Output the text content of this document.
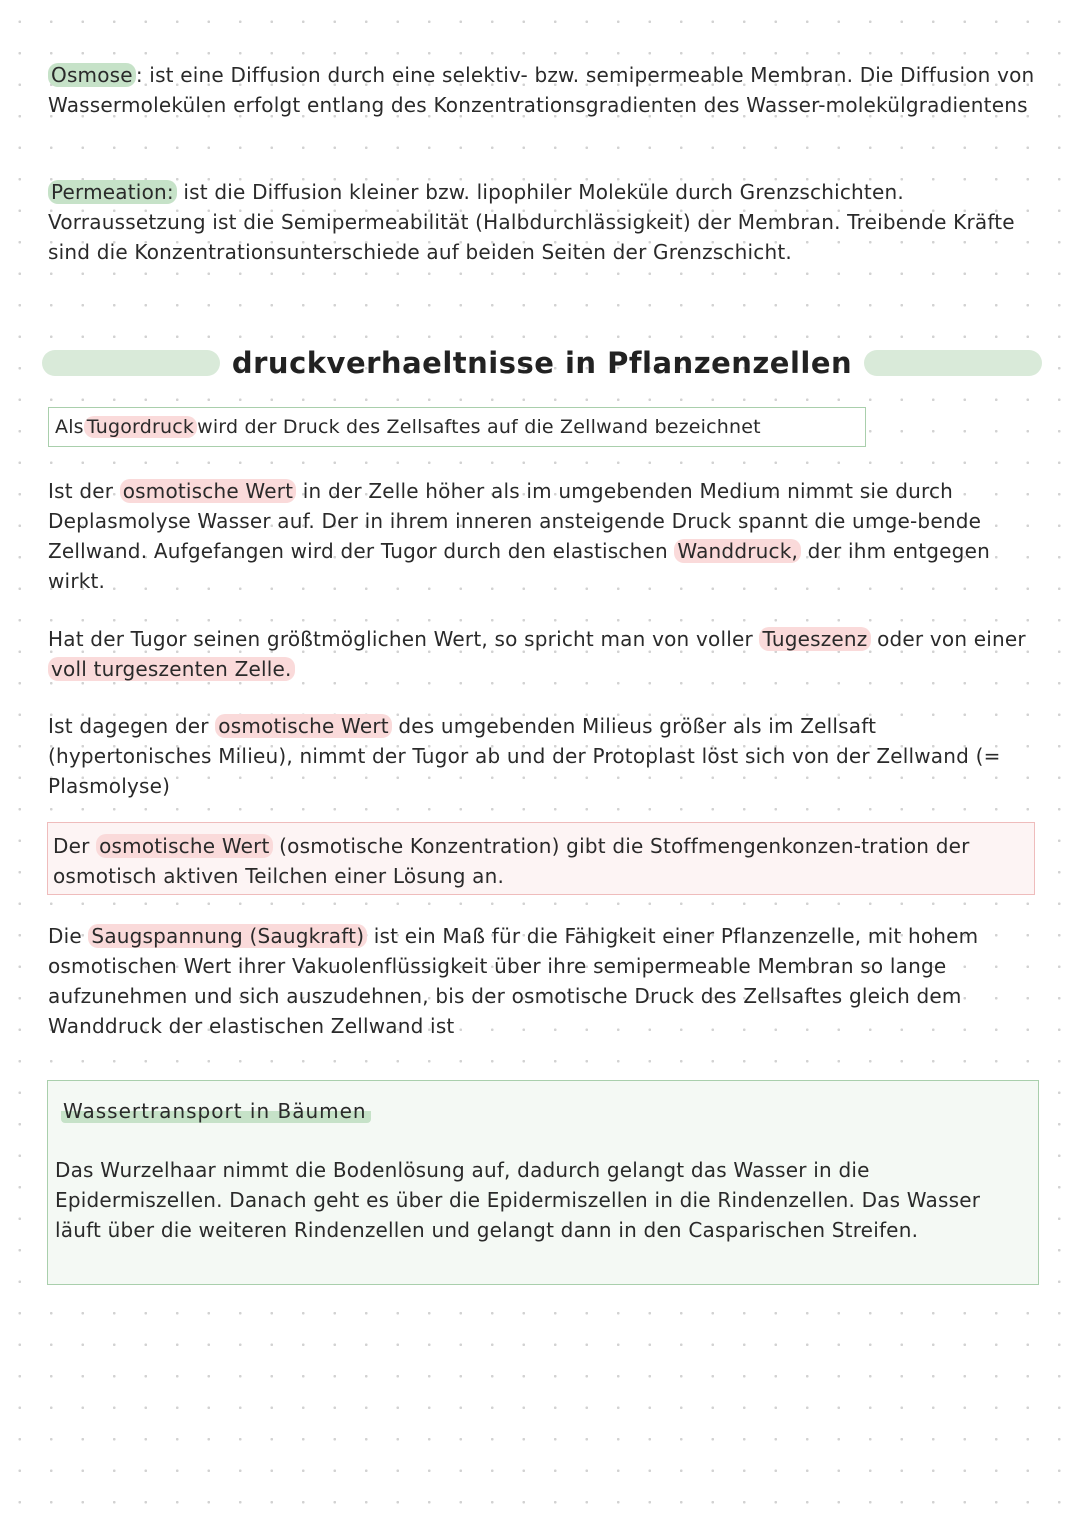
Osmose : ist eine Diffusion durch eine selektiv- bzw. semipermeable Membran. Die Diffusion von Wassermolekülen erfolgt entlang des Konzentrationsgradienten des Wasser-molekülgradientens

Permeation: ist die Diffusion kleiner bzw. lipophiler Moleküle durch Grenzschichten. Vorraussetzung ist die Semipermeabilität (Halbdurchlässigkeit) der Membran. Treibende Kräfte sind die Konzentrationsunterschiede auf beiden Seiten der Grenzschicht.

druckverhaeltnisse in Pflanzenzellen
Als Tugordruck wird der Druck des Zellsaftes auf die Zellwand bezeichnet

Ist der osmotische Wert in der Zelle höher als im umgebenden Medium nimmt sie durch Deplasmolyse Wasser auf. Der in ihrem inneren ansteigende Druck spannt die umge-bende Zellwand. Aufgefangen wird der Tugor durch den elastischen Wanddruck, der ihm entgegen wirkt.

Hat der Tugor seinen größtmöglichen Wert, so spricht man von voller Tugeszenz oder von einer voll turgeszenten Zelle.

Ist dagegen der osmotische Wert des umgebenden Milieus größer als im Zellsaft (hypertonisches Milieu), nimmt der Tugor ab und der Protoplast löst sich von der Zellwand (= Plasmolyse)

Der osmotische Wert (osmotische Konzentration) gibt die Stoffmengenkonzen-tration der osmotisch aktiven Teilchen einer Lösung an.

Die Saugspannung (Saugkraft) ist ein Maß für die Fähigkeit einer Pflanzenzelle, mit hohem osmotischen Wert ihrer Vakuolenflüssigkeit über ihre semipermeable Membran so lange aufzunehmen und sich auszudehnen, bis der osmotische Druck des Zellsaftes gleich dem Wanddruck der elastischen Zellwand ist

Wassertransport in Bäumen

Das Wurzelhaar nimmt die Bodenlösung auf, dadurch gelangt das Wasser in die Epidermiszellen. Danach geht es über die Epidermiszellen in die Rindenzellen. Das Wasser läuft über die weiteren Rindenzellen und gelangt dann in den Casparischen Streifen.
